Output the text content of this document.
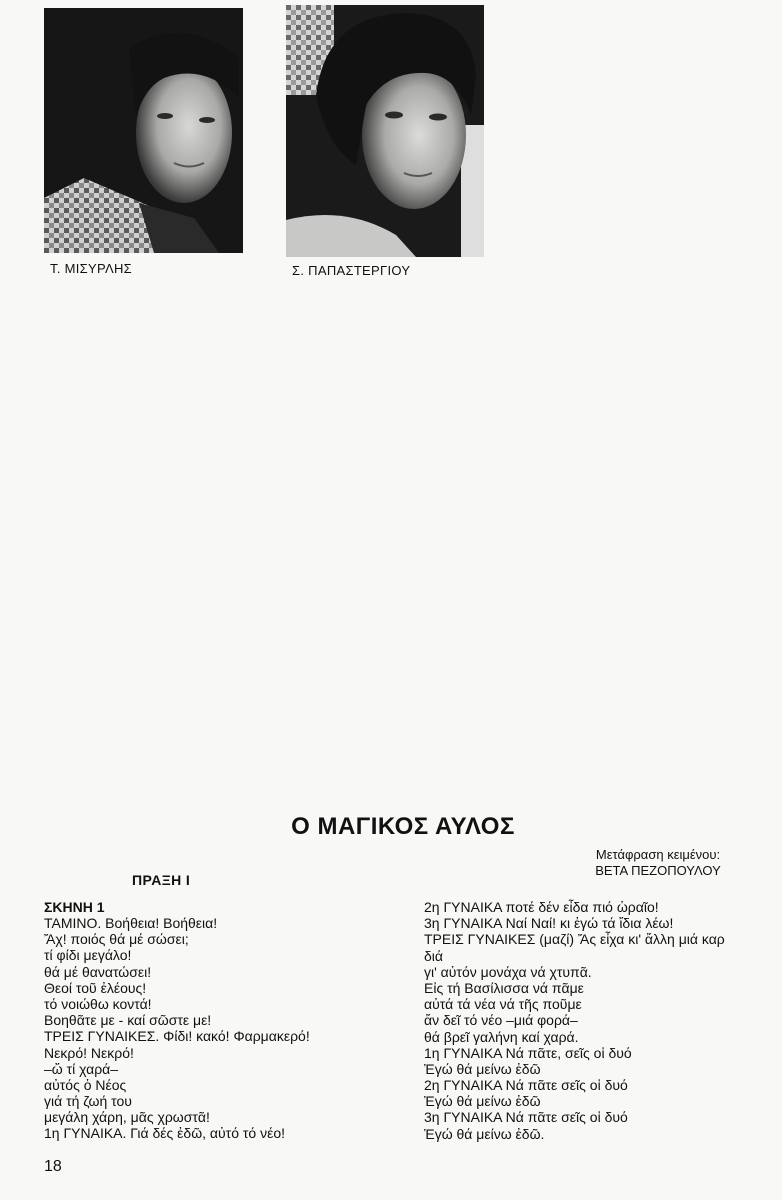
Τ. ΜΙΣΥΡΛΗΣ	Σ. ΠΑΠΑΣΤΕΡΓΙΟΥ
Ο ΜΑΓΙΚΟΣ ΑΥΛΟΣ
Μετάφραση κειμένου:
ΒΕΤΑ ΠΕΖΟΠΟΥΛΟΥ
ΠΡΑΞΗ Ι
ΣΚΗΝΗ 1
ΤΑΜΙΝΟ. Βοήθεια! Βοήθεια!
Ἄχ! ποιός θά μέ σώσει;
τί φίδι μεγάλο!
θά μέ θανατώσει!
Θεοί τοῦ ἐλέους!
τό νοιώθω κοντά!
Βοηθᾶτε με - καί σῶστε με!
ΤΡΕΙΣ ΓΥΝΑΙΚΕΣ. Φίδι! κακό! Φαρμακερό!
Νεκρό! Νεκρό!
–ὤ τί χαρά–
αὐτός ὁ Νέος
γιά τή ζωή του
μεγάλη χάρη, μᾶς χρωστᾶ!
1η ΓΥΝΑΙΚΑ. Γιά δές ἐδῶ, αὐτό τό νέο!
2η ΓΥΝΑΙΚΑ ποτέ δέν εἶδα πιό ὡραῖο!
3η ΓΥΝΑΙΚΑ Ναί Ναί! κι ἐγώ τά ἴδια λέω!
ΤΡΕΙΣ ΓΥΝΑΙΚΕΣ (μαζί) Ἄς εἶχα κι' ἄλλη μιά καρ
διά
γι' αὐτόν μονάχα νά χτυπᾶ.
Εἰς τή Βασίλισσα νά πᾶμε
αὐτά τά νέα νά τῆς ποῦμε
ἄν δεῖ τό νέο –μιά φορά–
θά βρεῖ γαλήνη καί χαρά.
1η ΓΥΝΑΙΚΑ Νά πᾶτε, σεῖς οἱ δυό
Ἐγώ θά μείνω ἐδῶ
2η ΓΥΝΑΙΚΑ Νά πᾶτε σεῖς οἱ δυό
Ἐγώ θά μείνω ἐδῶ
3η ΓΥΝΑΙΚΑ Νά πᾶτε σεῖς οἱ δυό
Ἐγώ θά μείνω ἐδῶ.
18
